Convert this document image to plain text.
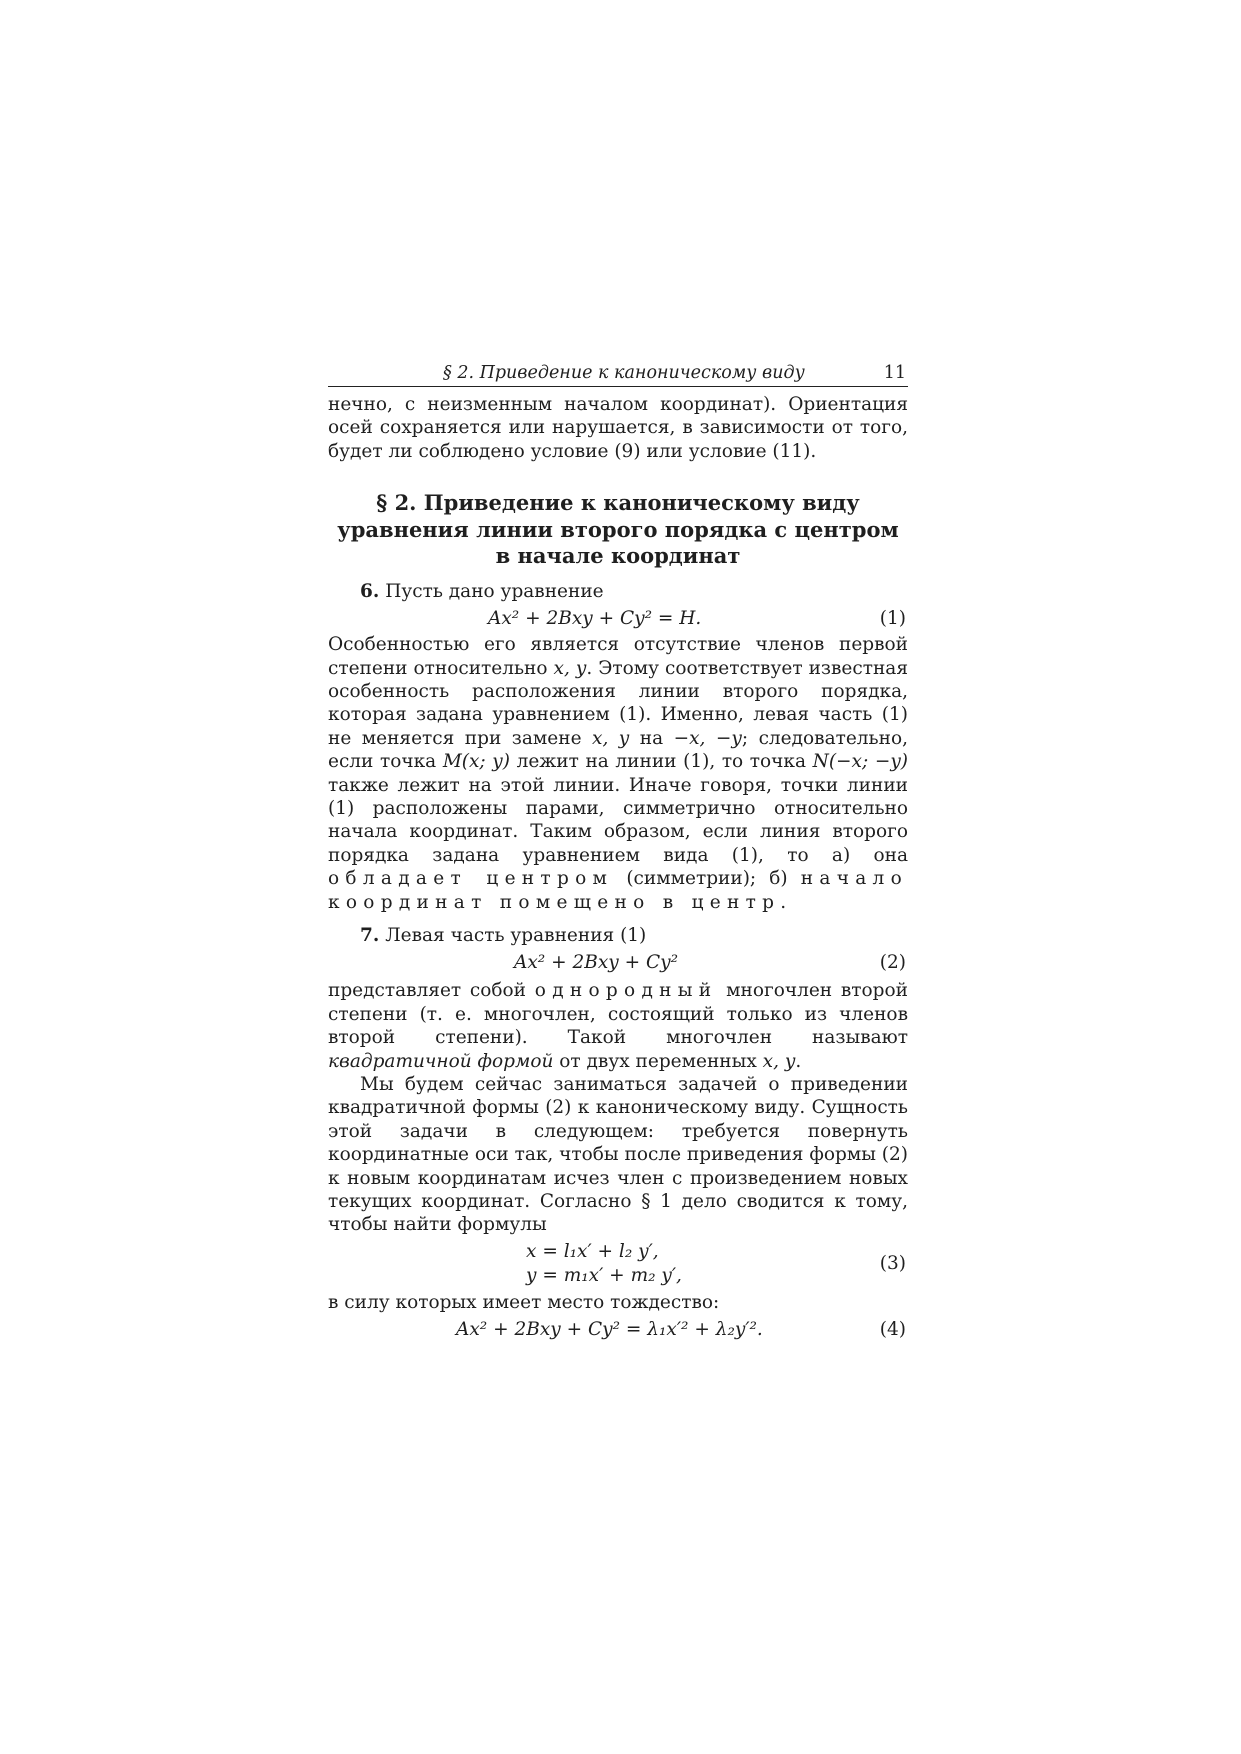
§ 2. Приведение к каноническому виду	11

нечно, с неизменным началом координат). Ориентация осей сохраняется или нарушается, в зависимости от того, будет ли соблюдено условие (9) или условие (11).

§ 2. Приведение к каноническому виду
уравнения линии второго порядка с центром
в начале координат

6. Пусть дано уравнение

Ax² + 2Bxy + Cy² = H.	(1)

Особенностью его является отсутствие членов первой степени относительно x, y. Этому соответствует известная особенность расположения линии второго порядка, которая задана уравнением (1). Именно, левая часть (1) не меняется при замене x, y на −x, −y; следовательно, если точка M(x; y) лежит на линии (1), то точка N(−x; −y) также лежит на этой линии. Иначе говоря, точки линии (1) расположены парами, симметрично относительно начала координат. Таким образом, если линия второго порядка задана уравнением вида (1), то а) она обладает центром (симметрии); б) начало координат помещено в центр.

7. Левая часть уравнения (1)

Ax² + 2Bxy + Cy²	(2)

представляет собой однородный многочлен второй степени (т. е. многочлен, состоящий только из членов второй степени). Такой многочлен называют квадратичной формой от двух переменных x, y.

Мы будем сейчас заниматься задачей о приведении квадратичной формы (2) к каноническому виду. Сущность этой задачи в следующем: требуется повернуть координатные оси так, чтобы после приведения формы (2) к новым координатам исчез член с произведением новых текущих координат. Согласно § 1 дело сводится к тому, чтобы найти формулы

x = l₁x′ + l₂ y′,
y = m₁x′ + m₂ y′,
(3)

в силу которых имеет место тождество:

Ax² + 2Bxy + Cy² = λ₁x′² + λ₂y′².	(4)
